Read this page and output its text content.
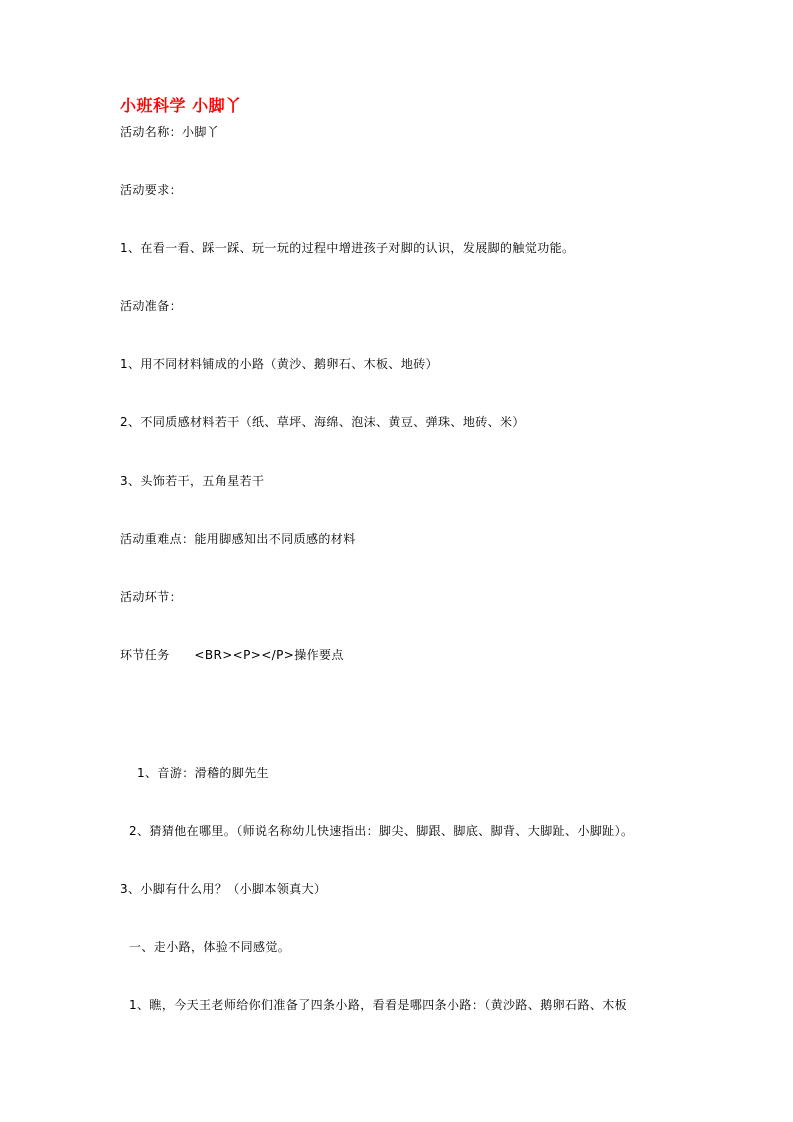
小班科学 小脚丫
活动名称：小脚丫
活动要求：
1、在看一看、踩一踩、玩一玩的过程中增进孩子对脚的认识，发展脚的触觉功能。
活动准备：
1、用不同材料铺成的小路（黄沙、鹅卵石、木板、地砖）
2、不同质感材料若干（纸、草坪、海绵、泡沫、黄豆、弹珠、地砖、米）
3、头饰若干，五角星若干
活动重难点：能用脚感知出不同质感的材料
活动环节：
环节任务　　<BR><P></P>操作要点
1、音游：滑稽的脚先生
2、猜猜他在哪里。（师说名称幼儿快速指出：脚尖、脚跟、脚底、脚背、大脚趾、小脚趾）。
3、小脚有什么用？（小脚本领真大）
一、走小路，体验不同感觉。
1、瞧，今天王老师给你们准备了四条小路，看看是哪四条小路：（黄沙路、鹅卵石路、木板
